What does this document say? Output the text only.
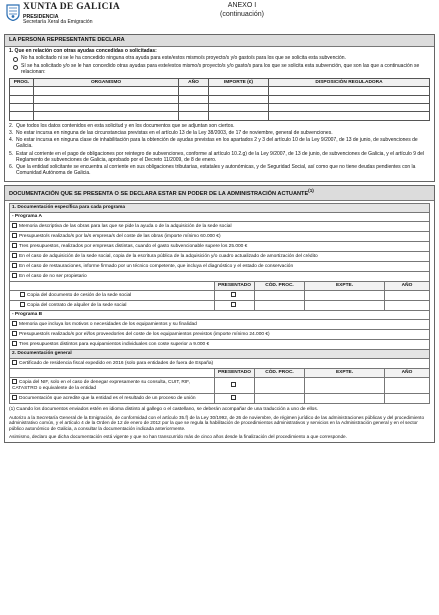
XUNTA DE GALICIA
PRESIDENCIA
Secretaría Xeral da Emigración
ANEXO I
(continuación)
LA PERSONA REPRESENTANTE DECLARA
1. Que en relación con otras ayudas concedidas o solicitadas:
No ha solicitado ni se le ha concedido ninguna otra ayuda para este/estos mismo/s proyecto/s y/o gasto/s para los que se solicita esta subvención.
Sí se ha solicitado y/o se le han concedido otras ayudas para este/estos mismo/s proyecto/s y/o gasto/s para los que se solicita esta subvención, que son las que a continuación se relacionan:
PROG.	ORGANISMO	AÑO	IMPORTE (€)	DISPOSICIÓN REGULADORA

2. Que todos los datos contenidos en esta solicitud y en los documentos que se adjuntan son ciertos.
3. No estar incursa en ninguna de las circunstancias previstas en el artículo 13 de la Ley 38/2003, de 17 de noviembre, general de subvenciones.
4. No estar incursa en ninguna clase de inhabilitación para la obtención de ayudas previstas en los apartados 2 y 3 del artículo 10 de la Ley 9/2007, de 13 de junio, de subvenciones de Galicia.
5. Estar al corriente en el pago de obligaciones por reintegro de subvenciones, conforme al artículo 10.2.g) de la Ley 9/2007, de 13 de junio, de subvenciones de Galicia, y el artículo 9 del Reglamento de subvenciones de Galicia, aprobado por el Decreto 11/2009, de 8 de enero.
6. Que la entidad solicitante se encuentra al corriente en sus obligaciones tributarias, estatales y autonómicas, y de Seguridad Social, así como que no tiene deudas pendientes con la Comunidad Autónoma de Galicia.
DOCUMENTACIÓN QUE SE PRESENTA O SE DECLARA ESTAR EN PODER DE LA ADMINISTRACIÓN ACTUANTE$^{(1)}$
1. Documentación específica para cada programa				
- Programa A				
Memoria descriptiva de las obras para las que se pide la ayuda o de la adquisición de la sede social				
Presupuesto/s realizado/s por la/s empresa/s del coste de las obras (importe mínimo 60.000 €)				
Tres presupuestos, realizados por empresas distintas, cuando el gasto subvencionable supere los 25.000 €				
En el caso de adquisición de la sede social, copia de la escritura pública de la adquisición y/o cuadro actualizado de amortización del crédito				
En el caso de restauraciones, informe firmado por un técnico competente, que incluya el diagnóstico y el estado de conservación				
En el caso de no ser propietario				
	PRESENTADO	CÓD. PROC.	EXPTE.	AÑO
Copia del documento de cesión de la sede social				
Copia del contrato de alquiler de la sede social				
- Programa B				
Memoria que incluya los motivos o necesidades de los equipamientos y su finalidad				
Presupuesto/s realizado/s por el/los proveedor/es del coste de los equipamientos previstos (importe mínimo 24.000 €)				
Tres presupuestos distintos para equipamientos individuales con coste superior a 9.000 €				
2. Documentación general				
Certificado de residencia fiscal expedido en 2016 (solo para entidades de fuera de España)				
	PRESENTADO	CÓD. PROC.	EXPTE.	AÑO
Copia del NIF, solo en el caso de denegar expresamente su consulta, CUIT, RIF, CATASTRO o equivalente de la entidad				
Documentación que acredite que la entidad es el resultado de un proceso de unión				
(1) Cuando los documentos enviados estén en idioma distinto al gallego o el castellano, se deberán acompañar de una traducción a uno de ellos.
Autorizo a la Secretaría General de la Emigración, de conformidad con el artículo 35.f) de la Ley 30/1992, de 26 de noviembre, de régimen jurídico de las administraciones públicas y del procedimiento administrativo común, y el artículo 4 de la Orden de 12 de enero de 2012 por la que se regula la habilitación de procedimientos administrativos y servicios en la Administración general y en el sector público autonómico de Galicia, a consultar la documentación indicada anteriormente.
Asimismo, declaro que dicha documentación está vigente y que no han transcurrido más de cinco años desde la finalización del procedimiento a que corresponde.
